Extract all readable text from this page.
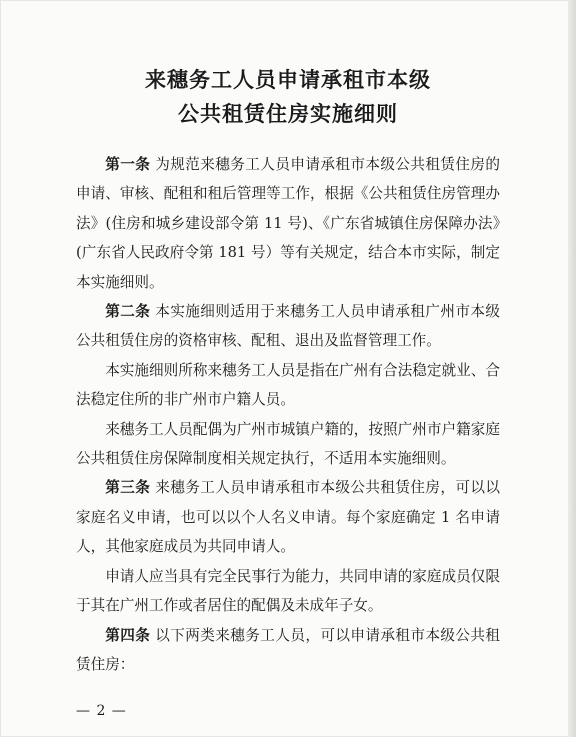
来穗务工人员申请承租市本级
公共租赁住房实施细则

第一条 为规范来穗务工人员申请承租市本级公共租赁住房的申请、审核、配租和租后管理等工作，根据《公共租赁住房管理办法》(住房和城乡建设部令第 11 号)、《广东省城镇住房保障办法》(广东省人民政府令第 181 号）等有关规定，结合本市实际，制定本实施细则。

第二条 本实施细则适用于来穗务工人员申请承租广州市本级公共租赁住房的资格审核、配租、退出及监督管理工作。

本实施细则所称来穗务工人员是指在广州有合法稳定就业、合法稳定住所的非广州市户籍人员。

来穗务工人员配偶为广州市城镇户籍的，按照广州市户籍家庭公共租赁住房保障制度相关规定执行，不适用本实施细则。

第三条 来穗务工人员申请承租市本级公共租赁住房，可以以家庭名义申请，也可以以个人名义申请。每个家庭确定 1 名申请人，其他家庭成员为共同申请人。

申请人应当具有完全民事行为能力，共同申请的家庭成员仅限于其在广州工作或者居住的配偶及未成年子女。

第四条 以下两类来穗务工人员，可以申请承租市本级公共租赁住房：

— 2 —
